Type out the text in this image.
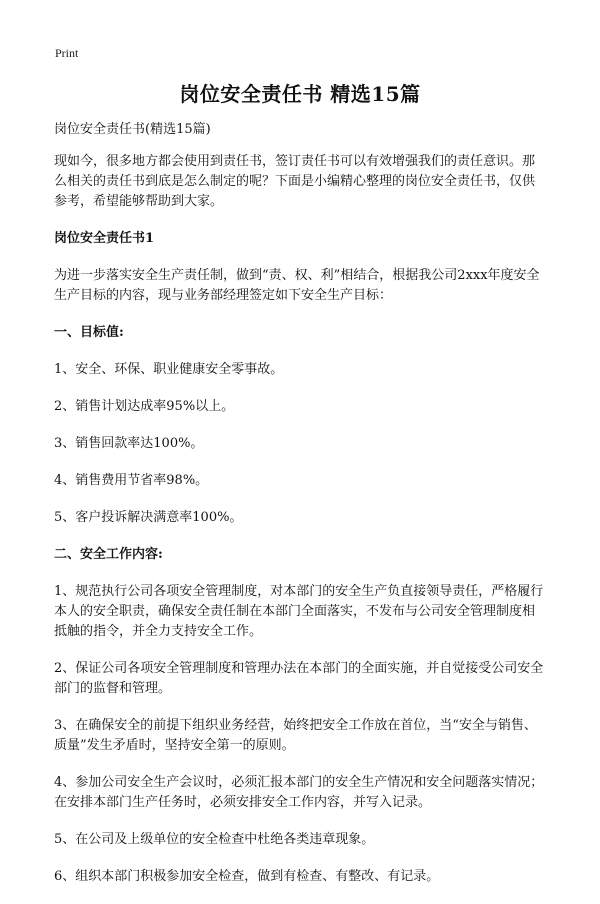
Print
岗位安全责任书 精选15篇

岗位安全责任书(精选15篇)

现如今，很多地方都会使用到责任书，签订责任书可以有效增强我们的责任意识。那么相关的责任书到底是怎么制定的呢？下面是小编精心整理的岗位安全责任书，仅供参考，希望能够帮助到大家。

岗位安全责任书1

为进一步落实安全生产责任制，做到“责、权、利”相结合，根据我公司2xxx年度安全生产目标的内容，现与业务部经理签定如下安全生产目标：

一、目标值:

1、安全、环保、职业健康安全零事故。

2、销售计划达成率95%以上。

3、销售回款率达100%。

4、销售费用节省率98%。

5、客户投诉解决满意率100%。

二、安全工作内容:

1、规范执行公司各项安全管理制度，对本部门的安全生产负直接领导责任，严格履行本人的安全职责，确保安全责任制在本部门全面落实，不发布与公司安全管理制度相抵触的指令，并全力支持安全工作。

2、保证公司各项安全管理制度和管理办法在本部门的全面实施，并自觉接受公司安全部门的监督和管理。

3、在确保安全的前提下组织业务经营，始终把安全工作放在首位，当“安全与销售、质量”发生矛盾时，坚持安全第一的原则。

4、参加公司安全生产会议时，必须汇报本部门的安全生产情况和安全问题落实情况；在安排本部门生产任务时，必须安排安全工作内容，并写入记录。

5、在公司及上级单位的安全检查中杜绝各类违章现象。

6、组织本部门积极参加安全检查，做到有检查、有整改、有记录。
